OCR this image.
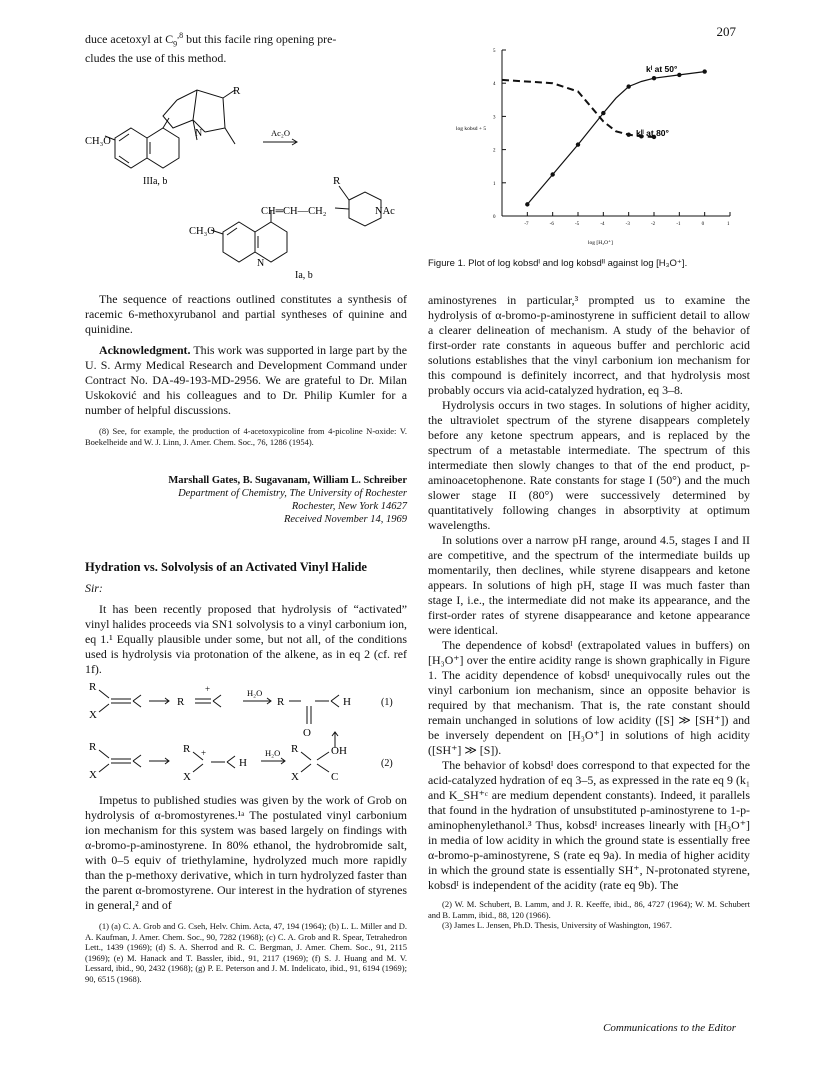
207

duce acetoxyl at $C_9^{,8}$ but this facile ring opening pre-

cludes the use of this method.

R
CH₃O
Ac₂O
N
IIIa, b	R
CH═CH—CH₂	NAc
CH₃O
N
Ia, b

The sequence of reactions outlined constitutes a synthesis of racemic 6-methoxyrubanol and partial syntheses of quinine and quinidine.

Acknowledgment. This work was supported in large part by the U. S. Army Medical Research and Development Command under Contract No. DA-49-193-MD-2956. We are grateful to Dr. Milan Uskoković and his colleagues and to Dr. Philip Kumler for a number of helpful discussions.

(8) See, for example, the production of 4-acetoxypicoline from 4-picoline N-oxide: V. Boekelheide and W. J. Linn, J. Amer. Chem. Soc., 76, 1286 (1954).

Marshall Gates, B. Sugavanam, William L. Schreiber
Department of Chemistry, The University of Rochester
Rochester, New York 14627
Received November 14, 1969

Hydration vs. Solvolysis of an Activated Vinyl Halide

Sir:

It has been recently proposed that hydrolysis of “activated” vinyl halides proceeds via SN1 solvolysis to a vinyl carbonium ion, eq 1.¹ Equally plausible under some, but not all, of the conditions used is hydrolysis via protonation of the alkene, as in eq 2 (cf. ref 1f).

R
X
R
+	H₂O
R
O
H	(1)
R
X
R
X
+
H
H₂O R
X
OH
C
(2)

Impetus to published studies was given by the work of Grob on hydrolysis of α-bromostyrenes.¹ᵃ The postulated vinyl carbonium ion mechanism for this system was based largely on findings with α-bromo-p-aminostyrene. In 80% ethanol, the hydrobromide salt, with 0–5 equiv of triethylamine, hydrolyzed much more rapidly than the p-methoxy derivative, which in turn hydrolyzed faster than the parent α-bromostyrene. Our interest in the hydration of styrenes in general,² and of

(1) (a) C. A. Grob and G. Cseh, Helv. Chim. Acta, 47, 194 (1964); (b) L. L. Miller and D. A. Kaufman, J. Amer. Chem. Soc., 90, 7282 (1968); (c) C. A. Grob and R. Spear, Tetrahedron Lett., 1439 (1969); (d) S. A. Sherrod and R. C. Bergman, J. Amer. Chem. Soc., 91, 2115 (1969); (e) M. Hanack and T. Bassler, ibid., 91, 2117 (1969); (f) S. J. Huang and M. V. Lessard, ibid., 90, 2432 (1968); (g) P. E. Peterson and J. M. Indelicato, ibid., 91, 6194 (1969); 90, 6515 (1968).

0
1
2
3
4
5
-7	-6	-5	-4	-3	-2	-1	0	1
kᴵ at 50°
kᴵᴵ at 80°
log kobsd + 5
log [H₃O⁺]
Figure 1. Plot of log kobsdᴵ and log kobsdᴵᴵ against log [H₃O⁺].

aminostyrenes in particular,³ prompted us to examine the hydrolysis of α-bromo-p-aminostyrene in sufficient detail to allow a clearer delineation of mechanism. A study of the behavior of first-order rate constants in aqueous buffer and perchloric acid solutions establishes that the vinyl carbonium ion mechanism for this compound is definitely incorrect, and that hydrolysis most probably occurs via acid-catalyzed hydration, eq 3–8.

Hydrolysis occurs in two stages. In solutions of higher acidity, the ultraviolet spectrum of the styrene disappears completely before any ketone spectrum appears, and is replaced by the spectrum of a metastable intermediate. The spectrum of this intermediate then slowly changes to that of the end product, p-aminoacetophenone. Rate constants for stage I (50°) and the much slower stage II (80°) were successively determined by quantitatively following changes in absorptivity at optimum wavelengths.

In solutions over a narrow pH range, around 4.5, stages I and II are competitive, and the spectrum of the intermediate builds up momentarily, then declines, while styrene disappears and ketone appears. In solutions of high pH, stage II was much faster than stage I, i.e., the intermediate did not make its appearance, and the first-order rates of styrene disappearance and ketone appearance were identical.

The dependence of kobsdᴵ (extrapolated values in buffers) on [H₃O⁺] over the entire acidity range is shown graphically in Figure 1. The acidity dependence of kobsdᴵ unequivocally rules out the vinyl carbonium ion mechanism, since an opposite behavior is required by that mechanism. That is, the rate constant should remain unchanged in solutions of low acidity ([S] ≫ [SH⁺]) and be inversely dependent on [H₃O⁺] in solutions of high acidity ([SH⁺] ≫ [S]).

The behavior of kobsdᴵ does correspond to that expected for the acid-catalyzed hydration of eq 3–5, as expressed in the rate eq 9 (k₁ and K_SH⁺ᶜ are medium dependent constants). Indeed, it parallels that found in the hydration of unsubstituted p-aminostyrene to 1-p-aminophenylethanol.³ Thus, kobsdᴵ increases linearly with [H₃O⁺] in media of low acidity in which the ground state is essentially free α-bromo-p-aminostyrene, S (rate eq 9a). In media of higher acidity in which the ground state is essentially SH⁺, N-protonated styrene, kobsdᴵ is independent of the acidity (rate eq 9b). The

(2) W. M. Schubert, B. Lamm, and J. R. Keeffe, ibid., 86, 4727 (1964); W. M. Schubert and B. Lamm, ibid., 88, 120 (1966).

(3) James L. Jensen, Ph.D. Thesis, University of Washington, 1967.

Communications to the Editor
